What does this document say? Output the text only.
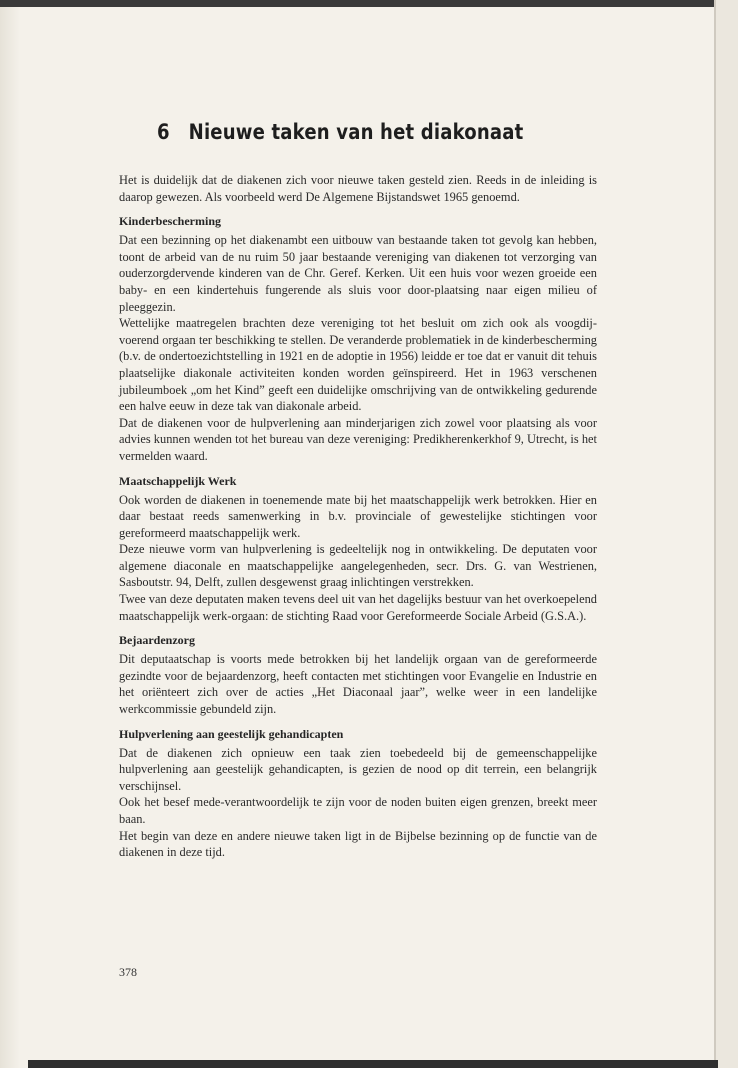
6 Nieuwe taken van het diakonaat

Het is duidelijk dat de diakenen zich voor nieuwe taken gesteld zien. Reeds in de inleiding is daarop gewezen. Als voorbeeld werd De Algemene Bijstandswet 1965 genoemd.

Kinderbescherming

Dat een bezinning op het diakenambt een uitbouw van bestaande taken tot gevolg kan hebben, toont de arbeid van de nu ruim 50 jaar bestaande vereniging van diakenen tot verzorging van ouderzorgdervende kinderen van de Chr. Geref. Kerken. Uit een huis voor wezen groeide een baby- en een kindertehuis fungerende als sluis voor door-plaatsing naar eigen milieu of pleeggezin.

Wettelijke maatregelen brachten deze vereniging tot het besluit om zich ook als voogdij-voerend orgaan ter beschikking te stellen. De veranderde problematiek in de kinderbescherming (b.v. de ondertoezichtstelling in 1921 en de adoptie in 1956) leidde er toe dat er vanuit dit tehuis plaatselijke diakonale activiteiten konden worden geïnspireerd. Het in 1963 verschenen jubileumboek „om het Kind” geeft een duidelijke omschrijving van de ontwikkeling gedurende een halve eeuw in deze tak van diakonale arbeid.

Dat de diakenen voor de hulpverlening aan minderjarigen zich zowel voor plaatsing als voor advies kunnen wenden tot het bureau van deze vereniging: Predikherenkerkhof 9, Utrecht, is het vermelden waard.

Maatschappelijk Werk

Ook worden de diakenen in toenemende mate bij het maatschappelijk werk betrokken. Hier en daar bestaat reeds samenwerking in b.v. provinciale of gewestelijke stichtingen voor gereformeerd maatschappelijk werk.

Deze nieuwe vorm van hulpverlening is gedeeltelijk nog in ontwikkeling. De deputaten voor algemene diaconale en maatschappelijke aangelegenheden, secr. Drs. G. van Westrienen, Sasboutstr. 94, Delft, zullen desgewenst graag inlichtingen verstrekken.

Twee van deze deputaten maken tevens deel uit van het dagelijks bestuur van het overkoepelend maatschappelijk werk-orgaan: de stichting Raad voor Gereformeerde Sociale Arbeid (G.S.A.).

Bejaardenzorg

Dit deputaatschap is voorts mede betrokken bij het landelijk orgaan van de gereformeerde gezindte voor de bejaardenzorg, heeft contacten met stichtingen voor Evangelie en Industrie en het oriënteert zich over de acties „Het Diaconaal jaar”, welke weer in een landelijke werkcommissie gebundeld zijn.

Hulpverlening aan geestelijk gehandicapten

Dat de diakenen zich opnieuw een taak zien toebedeeld bij de gemeenschappelijke hulpverlening aan geestelijk gehandicapten, is gezien de nood op dit terrein, een belangrijk verschijnsel.

Ook het besef mede-verantwoordelijk te zijn voor de noden buiten eigen grenzen, breekt meer baan.

Het begin van deze en andere nieuwe taken ligt in de Bijbelse bezinning op de functie van de diakenen in deze tijd.

378
